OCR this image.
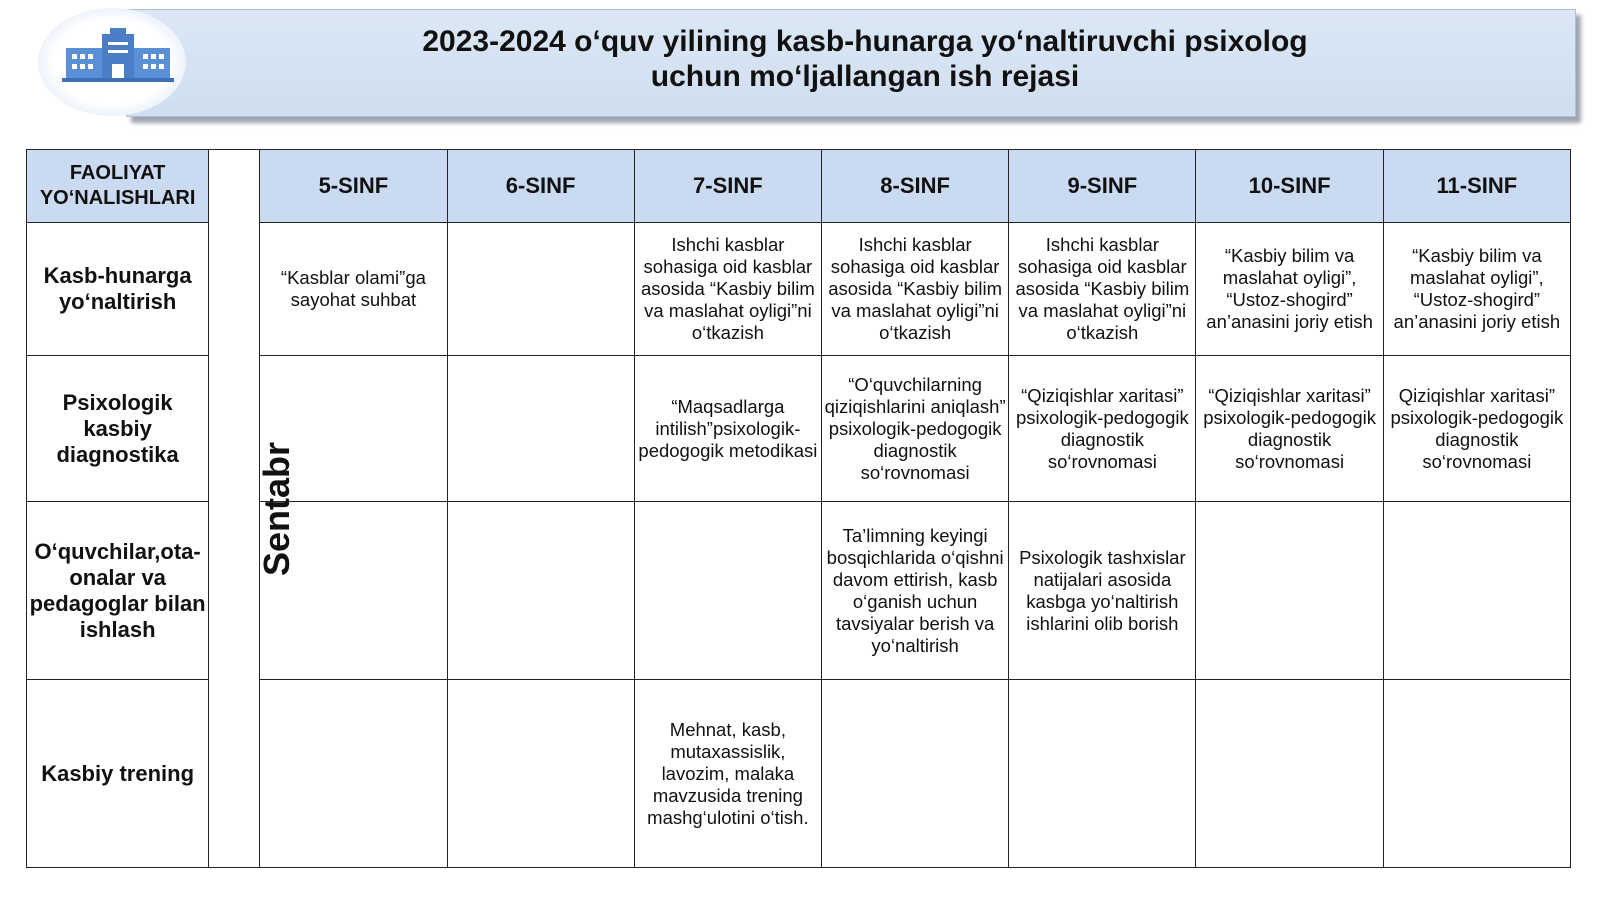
2023-2024 o‘quv yilining kasb-hunarga yo‘naltiruvchi psixolog
uchun mo‘ljallangan ish rejasi
FAOLIYAT YO‘NALISHLARI	Sentabr	5-SINF	6-SINF	7-SINF	8-SINF	9-SINF	10-SINF	11-SINF
Kasb-hunarga yo‘naltirish		“Kasblar olami”ga sayohat suhbat		Ishchi kasblar sohasiga oid kasblar asosida “Kasbiy bilim va maslahat oyligi”ni o‘tkazish	Ishchi kasblar sohasiga oid kasblar asosida “Kasbiy bilim va maslahat oyligi”ni o‘tkazish	Ishchi kasblar sohasiga oid kasblar asosida “Kasbiy bilim va maslahat oyligi”ni o‘tkazish	“Kasbiy bilim va maslahat oyligi”, “Ustoz-shogird” an’anasini joriy etish	“Kasbiy bilim va maslahat oyligi”, “Ustoz-shogird” an’anasini joriy etish
Psixologik kasbiy diagnostika				“Maqsadlarga intilish”psixologik-pedogogik metodikasi	“O‘quvchilarning qiziqishlarini aniqlash” psixologik-pedogogik diagnostik so‘rovnomasi	“Qiziqishlar xaritasi” psixologik-pedogogik diagnostik so‘rovnomasi	“Qiziqishlar xaritasi” psixologik-pedogogik diagnostik so‘rovnomasi	Qiziqishlar xaritasi” psixologik-pedogogik diagnostik so‘rovnomasi
O‘quvchilar,ota-onalar va pedagoglar bilan ishlash					Ta’limning keyingi bosqichlarida o‘qishni davom ettirish, kasb o‘ganish uchun tavsiyalar berish va yo‘naltirish	Psixologik tashxislar natijalari asosida kasbga yo‘naltirish ishlarini olib borish		
Kasbiy trening				Mehnat, kasb, mutaxassislik, lavozim, malaka mavzusida trening mashg‘ulotini o‘tish.				
